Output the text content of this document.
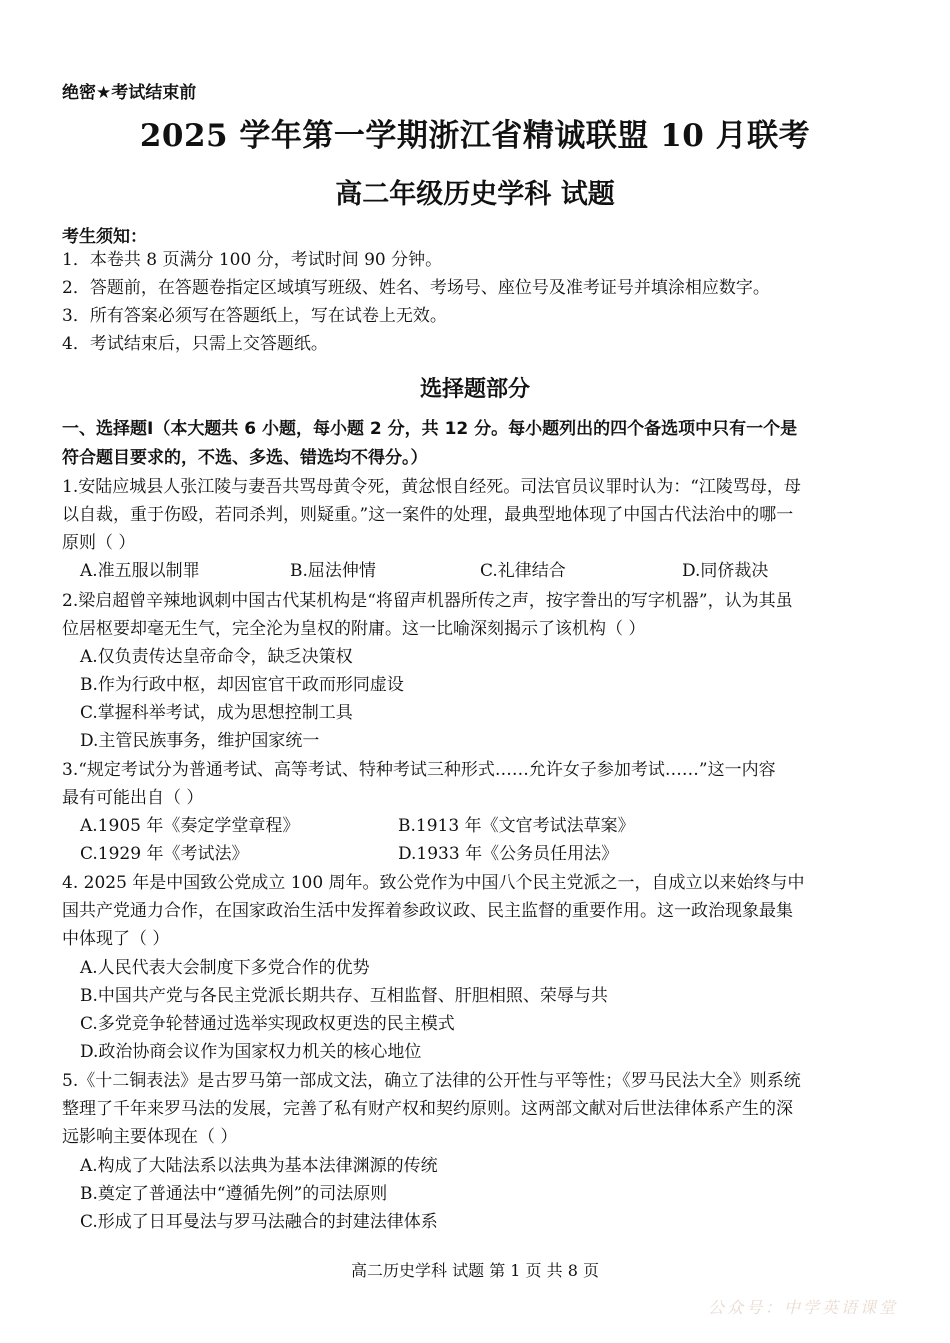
绝密★考试结束前
2025 学年第一学期浙江省精诚联盟 10 月联考
高二年级历史学科 试题
考生须知：
1．本卷共 8 页满分 100 分，考试时间 90 分钟。
2．答题前，在答题卷指定区域填写班级、姓名、考场号、座位号及准考证号并填涂相应数字。
3．所有答案必须写在答题纸上，写在试卷上无效。
4．考试结束后，只需上交答题纸。
选择题部分
一、选择题Ⅰ（本大题共 6 小题，每小题 2 分，共 12 分。每小题列出的四个备选项中只有一个是
符合题目要求的，不选、多选、错选均不得分。）
1.安陆应城县人张江陵与妻吾共骂母黄令死，黄忿恨自经死。司法官员议罪时认为：“江陵骂母，母
以自裁，重于伤殴，若同杀判，则疑重。”这一案件的处理，最典型地体现了中国古代法治中的哪一
原则（ ）
A.准五服以制罪	B.屈法伸情	C.礼律结合	D.同侪裁决
2.梁启超曾辛辣地讽刺中国古代某机构是“将留声机器所传之声，按字誊出的写字机器”，认为其虽
位居枢要却毫无生气，完全沦为皇权的附庸。这一比喻深刻揭示了该机构（ ）
A.仅负责传达皇帝命令，缺乏决策权
B.作为行政中枢，却因宦官干政而形同虚设
C.掌握科举考试，成为思想控制工具
D.主管民族事务，维护国家统一
3.“规定考试分为普通考试、高等考试、特种考试三种形式……允许女子参加考试……”这一内容
最有可能出自（ ）
A.1905 年《奏定学堂章程》	B.1913 年《文官考试法草案》
C.1929 年《考试法》	D.1933 年《公务员任用法》
4. 2025 年是中国致公党成立 100 周年。致公党作为中国八个民主党派之一，自成立以来始终与中
国共产党通力合作，在国家政治生活中发挥着参政议政、民主监督的重要作用。这一政治现象最集
中体现了（ ）
A.人民代表大会制度下多党合作的优势
B.中国共产党与各民主党派长期共存、互相监督、肝胆相照、荣辱与共
C.多党竞争轮替通过选举实现政权更迭的民主模式
D.政治协商会议作为国家权力机关的核心地位
5.《十二铜表法》是古罗马第一部成文法，确立了法律的公开性与平等性；《罗马民法大全》则系统
整理了千年来罗马法的发展，完善了私有财产权和契约原则。这两部文献对后世法律体系产生的深
远影响主要体现在（ ）
A.构成了大陆法系以法典为基本法律渊源的传统
B.奠定了普通法中“遵循先例”的司法原则
C.形成了日耳曼法与罗马法融合的封建法律体系
高二历史学科 试题 第 1 页 共 8 页
公众号：中学英语课堂
